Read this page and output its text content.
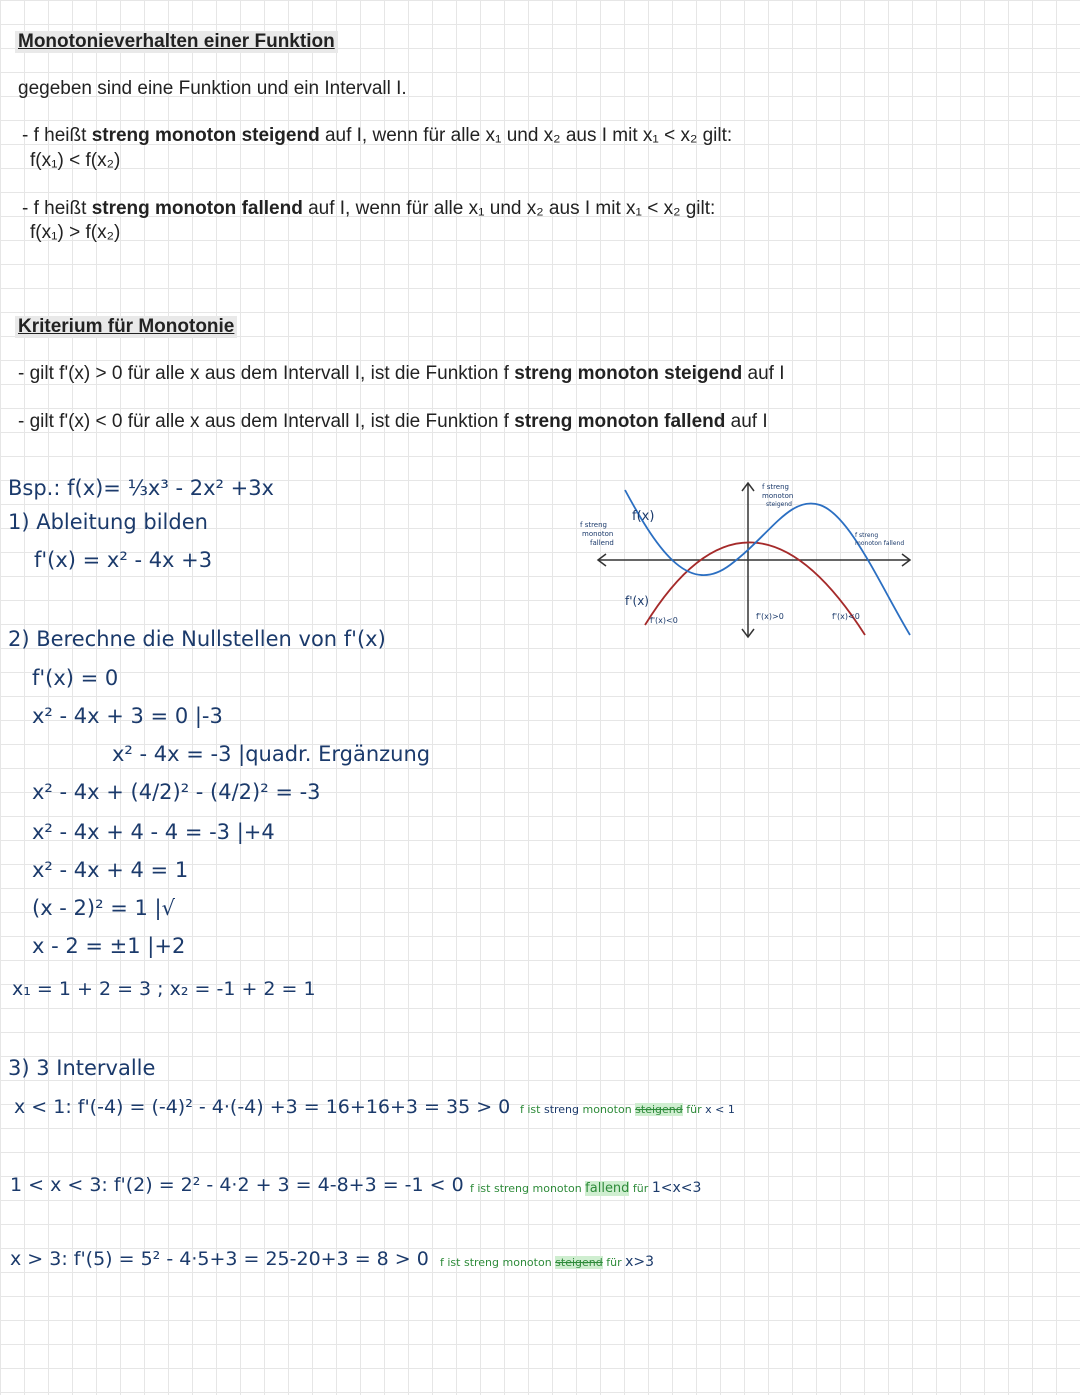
Monotonieverhalten einer Funktion
gegeben sind eine Funktion und ein Intervall I.
- f heißt streng monoton steigend auf I, wenn für alle x₁ und x₂ aus I mit x₁ < x₂ gilt:
f(x₁) < f(x₂)
- f heißt streng monoton fallend auf I, wenn für alle x₁ und x₂ aus I mit x₁ < x₂ gilt:
f(x₁) > f(x₂)
Kriterium für Monotonie
- gilt f'(x) > 0 für alle x aus dem Intervall I, ist die Funktion f streng monoton steigend auf I
- gilt f'(x) < 0 für alle x aus dem Intervall I, ist die Funktion f streng monoton fallend auf I
Bsp.: f(x)= ⅓x³ - 2x² +3x
1) Ableitung bilden
f'(x) = x² - 4x +3
2) Berechne die Nullstellen von f'(x)
f'(x) = 0
x² - 4x + 3 = 0 |-3
x² - 4x = -3 |quadr. Ergänzung
x² - 4x + (4/2)² - (4/2)² = -3
x² - 4x + 4 - 4 = -3 |+4
x² - 4x + 4 = 1
(x - 2)² = 1 |√
x - 2 = ±1 |+2
x₁ = 1 + 2 = 3 ; x₂ = -1 + 2 = 1
3) 3 Intervalle
x < 1: f'(-4) = (-4)² - 4·(-4) +3 = 16+16+3 = 35 > 0 f ist streng monoton steigend für x < 1
1 < x < 3: f'(2) = 2² - 4·2 + 3 = 4-8+3 = -1 < 0 f ist streng monoton fallend für 1<x<3
x > 3: f'(5) = 5² - 4·5+3 = 25-20+3 = 8 > 0 f ist streng monoton steigend für x>3
f(x)
f'(x)
f streng
monoton
fallend
f streng
monoton
steigend
f streng
monoton fallend
f'(x)<0	f'(x)>0	f'(x)<0
